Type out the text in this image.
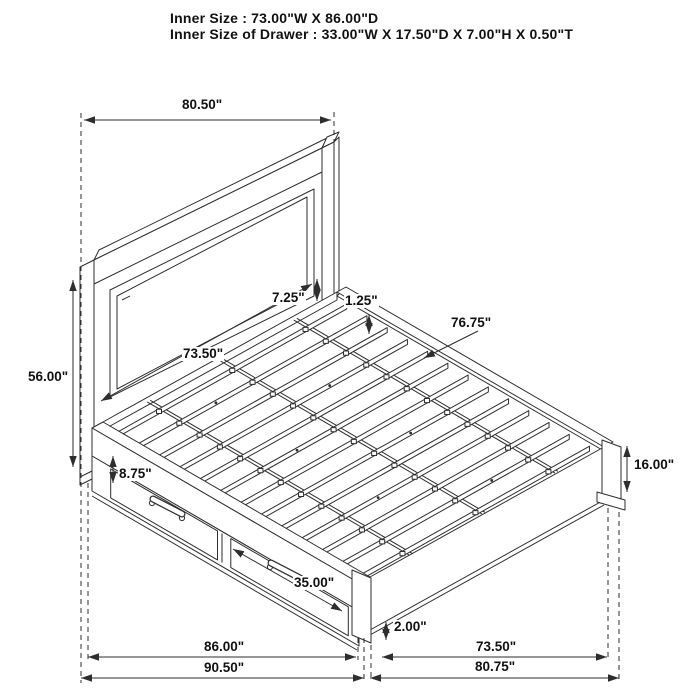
Inner Size : 73.00"W X 86.00"D
Inner Size of Drawer : 33.00"W X 17.50"D X 7.00"H X 0.50"T
80.50"
56.00"
7.25"	1.25"
76.75"
73.50"
16.00"
8.75"
35.00"
2.00"
86.00"
90.50"
73.50"
80.75"
